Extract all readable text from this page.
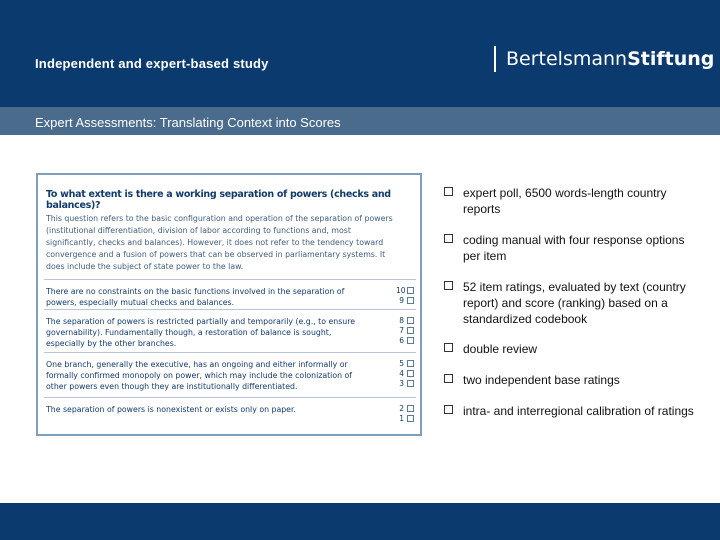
Independent and expert-based study	Bertelsmann Stiftung
Expert Assessments: Translating Context into Scores
To what extent is there a working separation of powers (checks and balances)?
This question refers to the basic configuration and operation of the separation of powers (institutional differentiation, division of labor according to functions and, most significantly, checks and balances). However, it does not refer to the tendency toward convergence and a fusion of powers that can be observed in parliamentary systems. It does include the subject of state power to the law.
There are no constraints on the basic functions involved in the separation of powers, especially mutual checks and balances.
10
9
The separation of powers is restricted partially and temporarily (e.g., to ensure governability). Fundamentally though, a restoration of balance is sought, especially by the other branches.
8
7
6
One branch, generally the executive, has an ongoing and either informally or formally confirmed monopoly on power, which may include the colonization of other powers even though they are institutionally differentiated.
5
4
3
The separation of powers is nonexistent or exists only on paper.	2
1
expert poll, 6500 words-length country reports
coding manual with four response options per item
52 item ratings, evaluated by text (country report) and score (ranking) based on a standardized codebook
double review
two independent base ratings
intra- and interregional calibration of ratings
